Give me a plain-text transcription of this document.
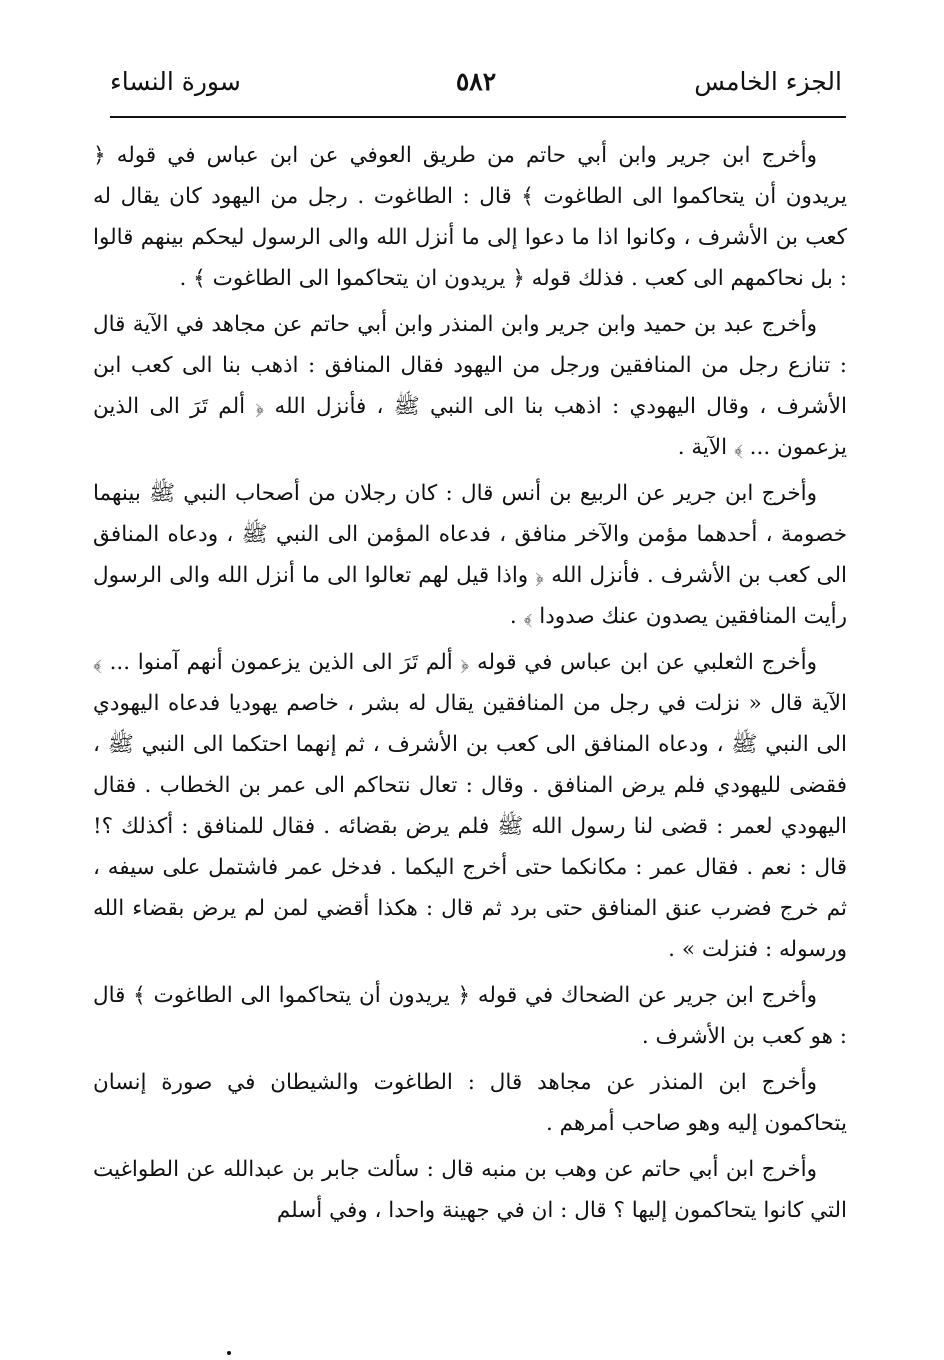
الجزء الخامس
٥٨٢
سورة النساء

وأخرج ابن جرير وابن أبي حاتم من طريق العوفي عن ابن عباس في قوله ﴿ يريدون أن يتحاكموا الى الطاغوت ﴾ قال : الطاغوت . رجل من اليهود كان يقال له كعب بن الأشرف ، وكانوا اذا ما دعوا إلى ما أنزل الله والى الرسول ليحكم بينهم قالوا : بل نحاكمهم الى كعب . فذلك قوله ﴿ يريدون ان يتحاكموا الى الطاغوت ﴾ .

وأخرج عبد بن حميد وابن جرير وابن المنذر وابن أبي حاتم عن مجاهد في الآية قال : تنازع رجل من المنافقين ورجل من اليهود فقال المنافق : اذهب بنا الى كعب ابن الأشرف ، وقال اليهودي : اذهب بنا الى النبي ﷺ ، فأنزل الله ﴿ ألم تَرَ الى الذين يزعمون ... ﴾ الآية .

وأخرج ابن جرير عن الربيع بن أنس قال : كان رجلان من أصحاب النبي ﷺ بينهما خصومة ، أحدهما مؤمن والآخر منافق ، فدعاه المؤمن الى النبي ﷺ ، ودعاه المنافق الى كعب بن الأشرف . فأنزل الله ﴿ واذا قيل لهم تعالوا الى ما أنزل الله والى الرسول رأيت المنافقين يصدون عنك صدودا ﴾ .

وأخرج الثعلبي عن ابن عباس في قوله ﴿ ألم تَرَ الى الذين يزعمون أنهم آمنوا ... ﴾ الآية قال « نزلت في رجل من المنافقين يقال له بشر ، خاصم يهوديا فدعاه اليهودي الى النبي ﷺ ، ودعاه المنافق الى كعب بن الأشرف ، ثم إنهما احتكما الى النبي ﷺ ، فقضى لليهودي فلم يرض المنافق . وقال : تعال نتحاكم الى عمر بن الخطاب . فقال اليهودي لعمر : قضى لنا رسول الله ﷺ فلم يرض بقضائه . فقال للمنافق : أكذلك ؟! قال : نعم . فقال عمر : مكانكما حتى أخرج اليكما . فدخل عمر فاشتمل على سيفه ، ثم خرج فضرب عنق المنافق حتى برد ثم قال : هكذا أقضي لمن لم يرض بقضاء الله ورسوله : فنزلت » .

وأخرج ابن جرير عن الضحاك في قوله ﴿ يريدون أن يتحاكموا الى الطاغوت ﴾ قال : هو كعب بن الأشرف .

وأخرج ابن المنذر عن مجاهد قال : الطاغوت والشيطان في صورة إنسان يتحاكمون إليه وهو صاحب أمرهم .

وأخرج ابن أبي حاتم عن وهب بن منبه قال : سألت جابر بن عبدالله عن الطواغيت التي كانوا يتحاكمون إليها ؟ قال : ان في جهينة واحدا ، وفي أسلم
